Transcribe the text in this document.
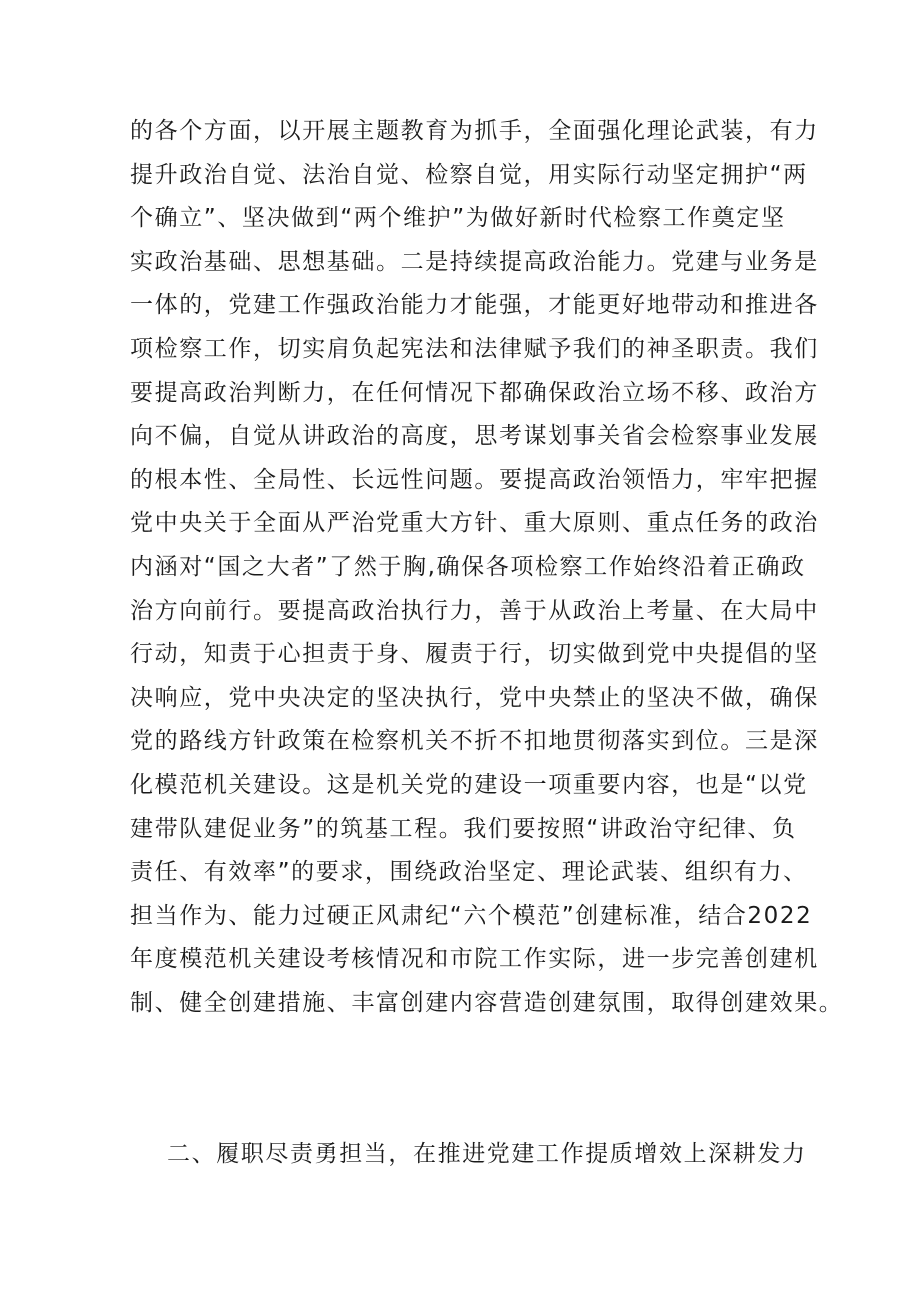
的各个方面，以开展主题教育为抓手，全面强化理论武装，有力
提升政治自觉、法治自觉、检察自觉，用实际行动坚定拥护“两
个确立”、坚决做到“两个维护”为做好新时代检察工作奠定坚
实政治基础、思想基础。二是持续提高政治能力。党建与业务是
一体的，党建工作强政治能力才能强，才能更好地带动和推进各
项检察工作，切实肩负起宪法和法律赋予我们的神圣职责。我们
要提高政治判断力，在任何情况下都确保政治立场不移、政治方
向不偏，自觉从讲政治的高度，思考谋划事关省会检察事业发展
的根本性、全局性、长远性问题。要提高政治领悟力，牢牢把握
党中央关于全面从严治党重大方针、重大原则、重点任务的政治
内涵对“国之大者”了然于胸,确保各项检察工作始终沿着正确政
治方向前行。要提高政治执行力，善于从政治上考量、在大局中
行动，知责于心担责于身、履责于行，切实做到党中央提倡的坚
决响应，党中央决定的坚决执行，党中央禁止的坚决不做，确保
党的路线方针政策在检察机关不折不扣地贯彻落实到位。三是深
化模范机关建设。这是机关党的建设一项重要内容，也是“以党
建带队建促业务”的筑基工程。我们要按照“讲政治守纪律、负
责任、有效率”的要求，围绕政治坚定、理论武装、组织有力、
担当作为、能力过硬正风肃纪“六个模范”创建标准，结合2022
年度模范机关建设考核情况和市院工作实际，进一步完善创建机
制、健全创建措施、丰富创建内容营造创建氛围，取得创建效果。
二、履职尽责勇担当，在推进党建工作提质增效上深耕发力
